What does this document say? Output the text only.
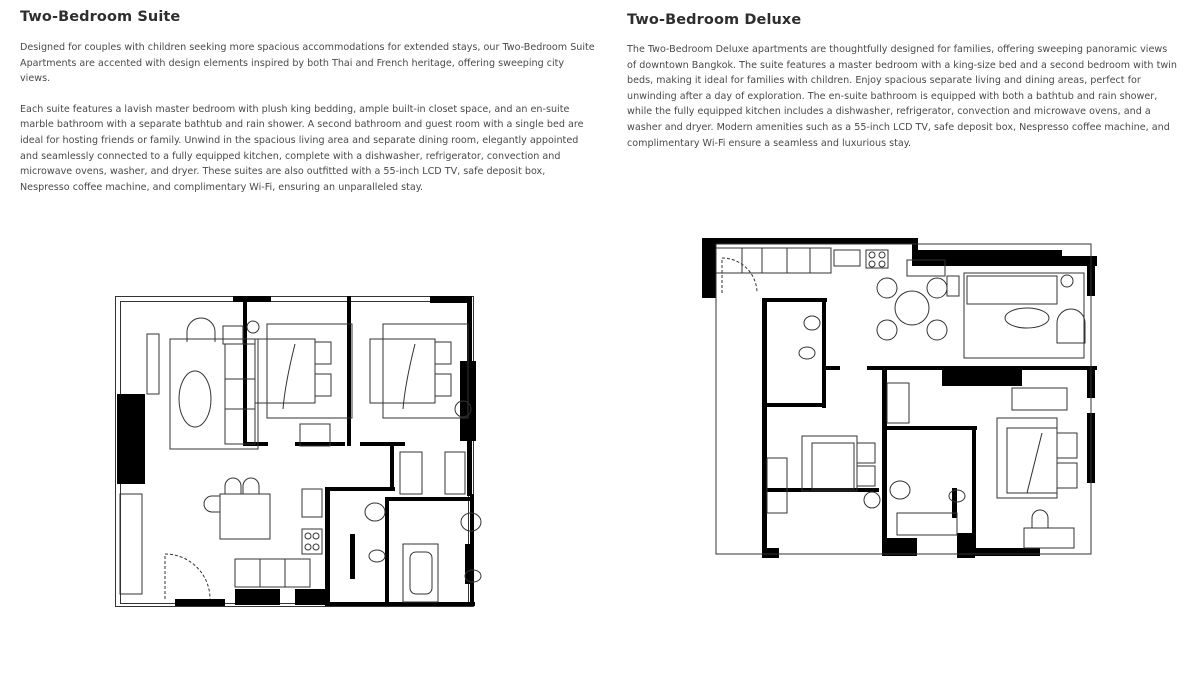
Two-Bedroom Suite

Designed for couples with children seeking more spacious accommodations for extended stays, our Two-Bedroom Suite Apartments are accented with design elements inspired by both Thai and French heritage, offering sweeping city views.

Each suite features a lavish master bedroom with plush king bedding, ample built-in closet space, and an en-suite marble bathroom with a separate bathtub and rain shower. A second bathroom and guest room with a single bed are ideal for hosting friends or family. Unwind in the spacious living area and separate dining room, elegantly appointed and seamlessly connected to a fully equipped kitchen, complete with a dishwasher, refrigerator, convection and microwave ovens, washer, and dryer. These suites are also outfitted with a 55-inch LCD TV, safe deposit box, Nespresso coffee machine, and complimentary Wi-Fi, ensuring an unparalleled stay.

Two-Bedroom Deluxe

The Two-Bedroom Deluxe apartments are thoughtfully designed for families, offering sweeping panoramic views of downtown Bangkok. The suite features a master bedroom with a king-size bed and a second bedroom with twin beds, making it ideal for families with children. Enjoy spacious separate living and dining areas, perfect for unwinding after a day of exploration. The en-suite bathroom is equipped with both a bathtub and rain shower, while the fully equipped kitchen includes a dishwasher, refrigerator, convection and microwave ovens, and a washer and dryer. Modern amenities such as a 55-inch LCD TV, safe deposit box, Nespresso coffee machine, and complimentary Wi-Fi ensure a seamless and luxurious stay.
